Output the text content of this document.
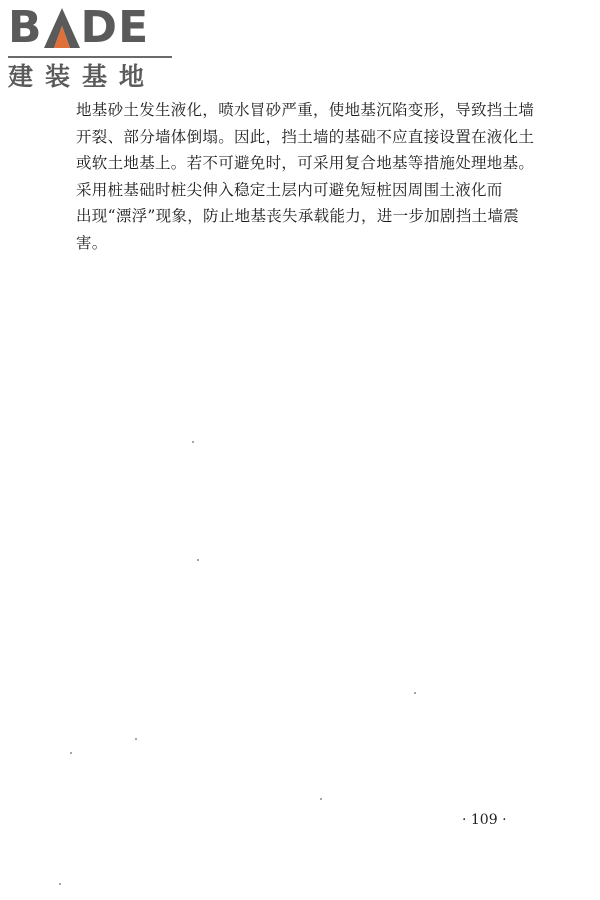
B DE
建装基地
地基砂土发生液化，喷水冒砂严重，使地基沉陷变形，导致挡土墙
开裂、部分墙体倒塌。因此，挡土墙的基础不应直接设置在液化土
或软土地基上。若不可避免时，可采用复合地基等措施处理地基。
采用桩基础时桩尖伸入稳定土层内可避免短桩因周围土液化而
出现“漂浮”现象，防止地基丧失承载能力，进一步加剧挡土墙震
害。
· 109 ·
